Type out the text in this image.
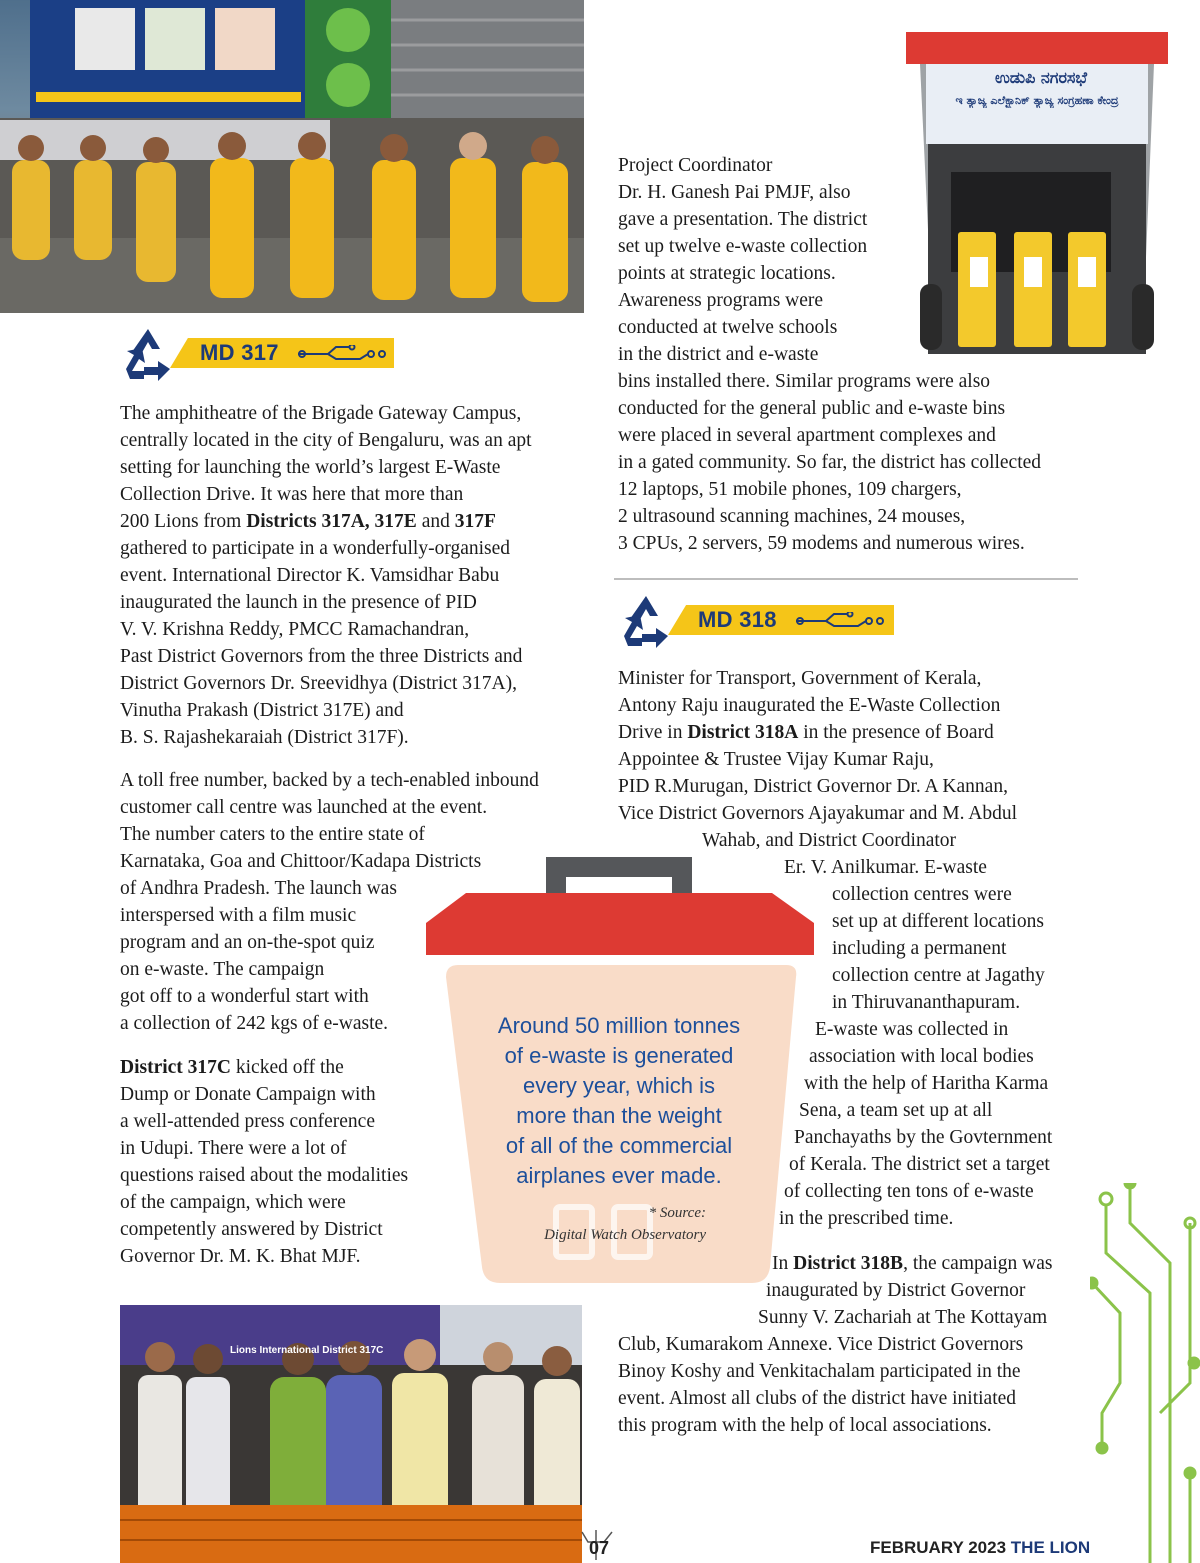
ಉಡುಪಿ ನಗರಸಭೆ
ಇ ತ್ಯಾಜ್ಯ ಎಲೆಕ್ಟ್ರಾನಿಕ್ ತ್ಯಾಜ್ಯ ಸಂಗ್ರಹಣಾ ಕೇಂದ್ರ
MD 317
The amphitheatre of the Brigade Gateway Campus,
centrally located in the city of Bengaluru, was an apt
setting for launching the world’s largest E-Waste
Collection Drive. It was here that more than
200 Lions from Districts 317A, 317E and 317F
gathered to participate in a wonderfully-organised
event. International Director K. Vamsidhar Babu
inaugurated the launch in the presence of PID
V. V. Krishna Reddy, PMCC Ramachandran,
Past District Governors from the three Districts and
District Governors Dr. Sreevidhya (District 317A),
Vinutha Prakash (District 317E) and
B. S. Rajashekaraiah (District 317F).
A toll free number, backed by a tech-enabled inbound
customer call centre was launched at the event.
The number caters to the entire state of
Karnataka, Goa and Chittoor/Kadapa Districts
of Andhra Pradesh. The launch was
interspersed with a film music
program and an on-the-spot quiz
on e-waste. The campaign
got off to a wonderful start with
a collection of 242 kgs of e-waste.
District 317C kicked off the
Dump or Donate Campaign with
a well-attended press conference
in Udupi. There were a lot of
questions raised about the modalities
of the campaign, which were
competently answered by District
Governor Dr. M. K. Bhat MJF.
Project Coordinator
Dr. H. Ganesh Pai PMJF, also
gave a presentation. The district
set up twelve e-waste collection
points at strategic locations.
Awareness programs were
conducted at twelve schools
in the district and e-waste
bins installed there. Similar programs were also
conducted for the general public and e-waste bins
were placed in several apartment complexes and
in a gated community. So far, the district has collected
12 laptops, 51 mobile phones, 109 chargers,
2 ultrasound scanning machines, 24 mouses,
3 CPUs, 2 servers, 59 modems and numerous wires.
MD 318
Minister for Transport, Government of Kerala,
Antony Raju inaugurated the E-Waste Collection
Drive in District 318A in the presence of Board
Appointee & Trustee Vijay Kumar Raju,
PID R.Murugan, District Governor Dr. A Kannan,
Vice District Governors Ajayakumar and M. Abdul
Wahab, and District Coordinator
Er. V. Anilkumar. E-waste
collection centres were
set up at different locations
including a permanent
collection centre at Jagathy
in Thiruvananthapuram.
E-waste was collected in
association with local bodies
with the help of Haritha Karma
Sena, a team set up at all
Panchayaths by the Govternment
of Kerala. The district set a target
of collecting ten tons of e-waste
in the prescribed time.
In District 318B, the campaign was
inaugurated by District Governor
Sunny V. Zachariah at The Kottayam
Club, Kumarakom Annexe. Vice District Governors
Binoy Koshy and Venkitachalam participated in the
event. Almost all clubs of the district have initiated
this program with the help of local associations.
Around 50 million tonnes
of e-waste is generated
every year, which is
more than the weight
of all of the commercial
airplanes ever made.
* Source:
Digital Watch Observatory
Lions International District 317C
07	FEBRUARY 2023 THE LION
